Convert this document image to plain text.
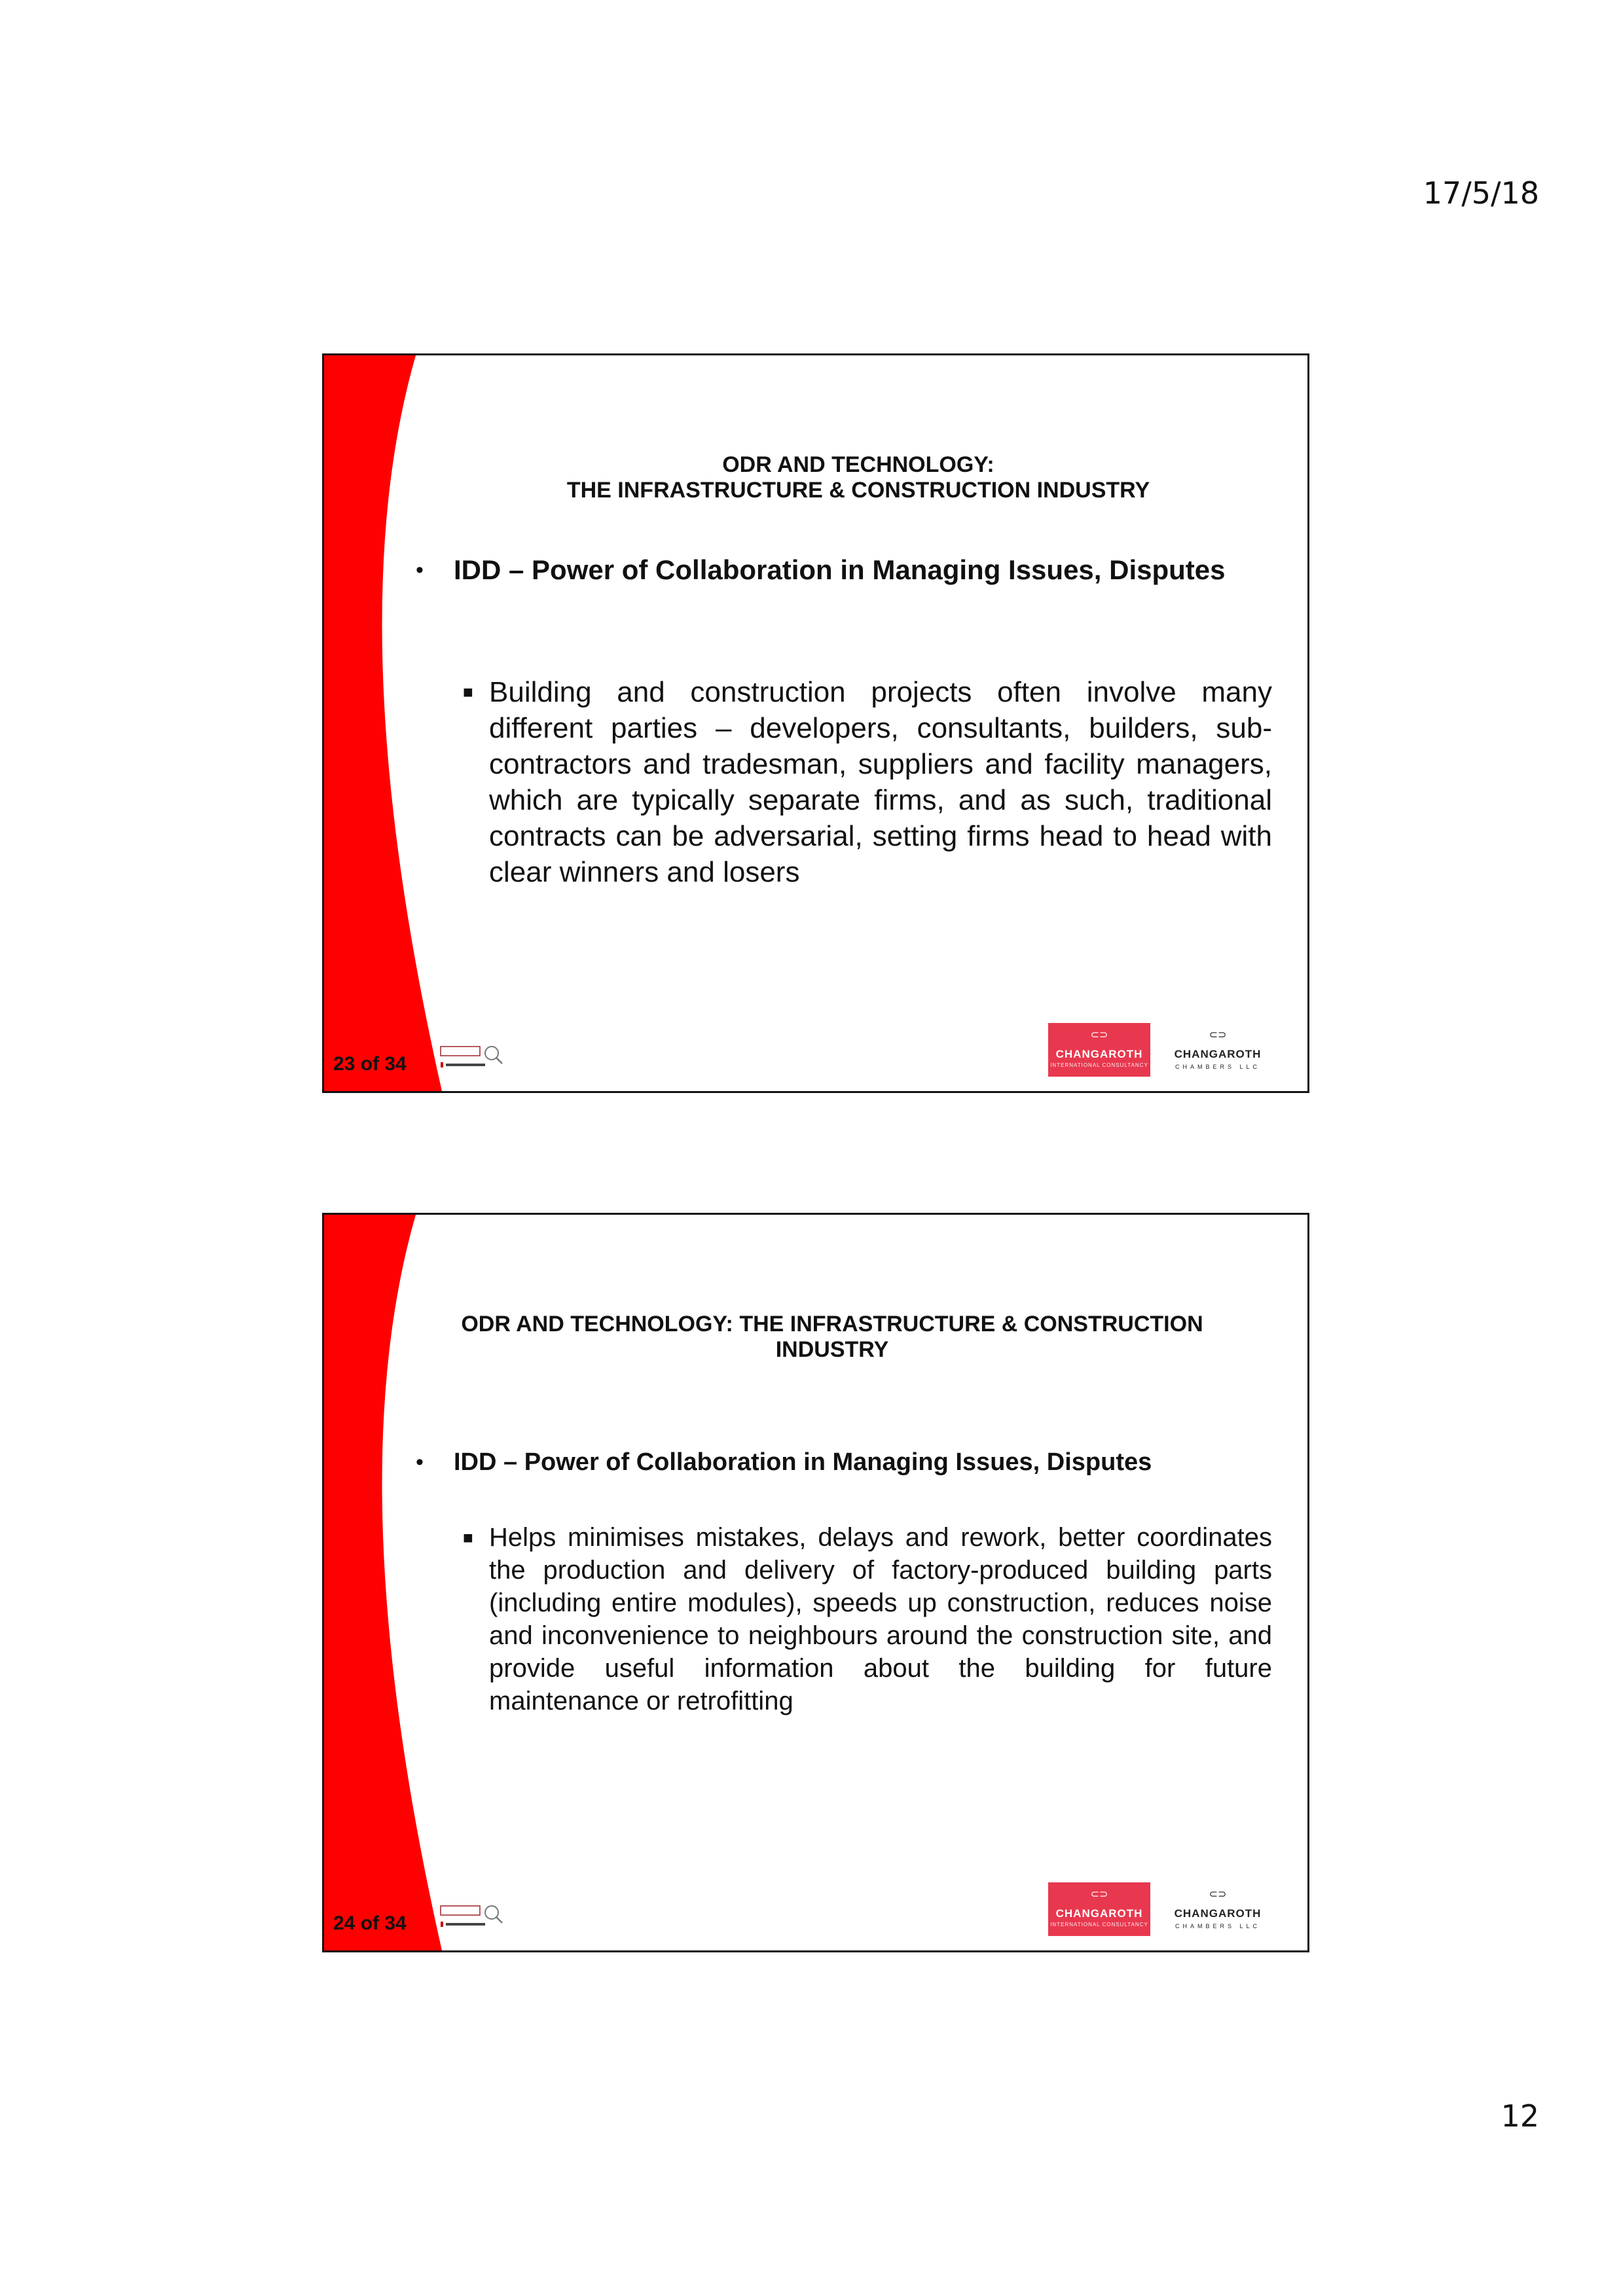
17/5/18
ODR AND TECHNOLOGY:
THE INFRASTRUCTURE & CONSTRUCTION INDUSTRY
• IDD – Power of Collaboration in Managing Issues, Disputes
■ Building and construction projects often involve many different parties – developers, consultants, builders, sub-contractors and tradesman, suppliers and facility managers, which are typically separate firms, and as such, traditional contracts can be adversarial, setting firms head to head with clear winners and losers
23 of 34
⊂⊃
CHANGAROTH
INTERNATIONAL CONSULTANCY
⊂⊃
CHANGAROTH
CHAMBERS LLC
ODR AND TECHNOLOGY: THE INFRASTRUCTURE & CONSTRUCTION
INDUSTRY
• IDD – Power of Collaboration in Managing Issues, Disputes
■ Helps minimises mistakes, delays and rework, better coordinates the production and delivery of factory-produced building parts (including entire modules), speeds up construction, reduces noise and inconvenience to neighbours around the construction site, and provide useful information about the building for future maintenance or retrofitting
24 of 34
⊂⊃
CHANGAROTH
INTERNATIONAL CONSULTANCY
⊂⊃
CHANGAROTH
CHAMBERS LLC
12
